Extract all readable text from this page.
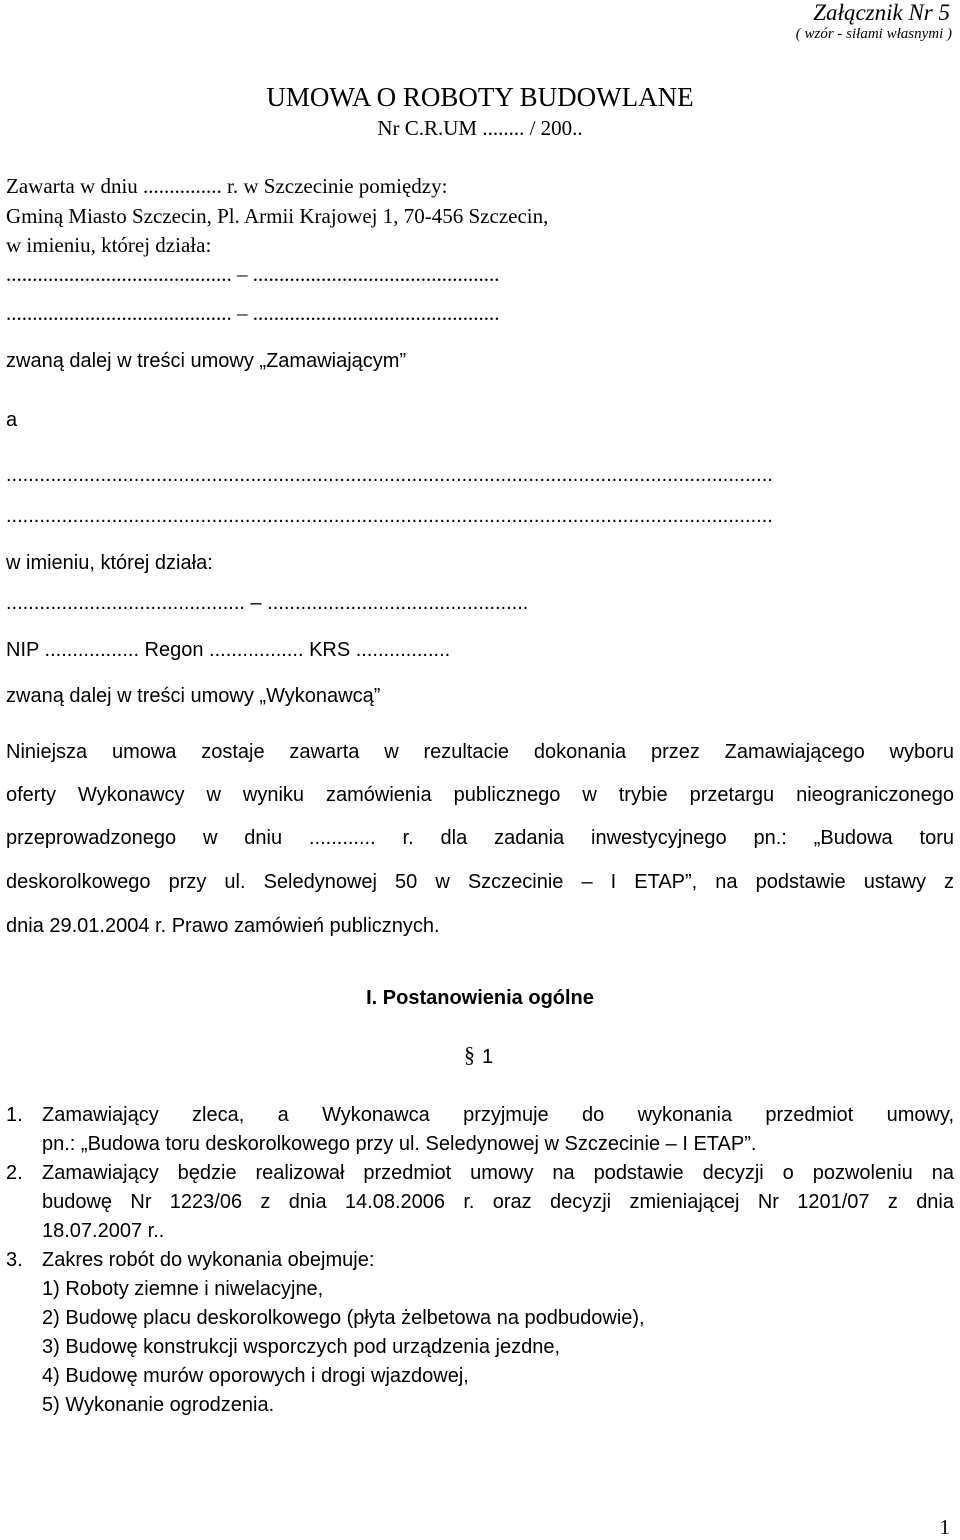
Załącznik Nr 5
( wzór - siłami własnymi )
UMOWA O ROBOTY BUDOWLANE
Nr C.R.UM ........ / 200..
Zawarta w dniu ............... r. w Szczecinie pomiędzy:
Gminą Miasto Szczecin, Pl. Armii Krajowej 1, 70-456 Szczecin,
w imieniu, której działa:
........................................... – ...............................................
........................................... – ...............................................
zwaną dalej w treści umowy „Zamawiającym”
a
..........................................................................................................................................
..........................................................................................................................................
w imieniu, której działa:
........................................... – ...............................................
NIP ................. Regon ................. KRS .................
zwaną dalej w treści umowy „Wykonawcą”
Niniejsza umowa zostaje zawarta w rezultacie dokonania przez Zamawiającego wyboru
oferty Wykonawcy w wyniku zamówienia publicznego w trybie przetargu nieograniczonego
przeprowadzonego w dniu ............ r. dla zadania inwestycyjnego pn.: „Budowa toru
deskorolkowego przy ul. Seledynowej 50 w Szczecinie – I ETAP”, na podstawie ustawy z
dnia 29.01.2004 r. Prawo zamówień publicznych.
I. Postanowienia ogólne
§ 1
1. Zamawiający zleca, a Wykonawca przyjmuje do wykonania przedmiot umowy,
pn.: „Budowa toru deskorolkowego przy ul. Seledynowej w Szczecinie – I ETAP”.
2. Zamawiający będzie realizował przedmiot umowy na podstawie decyzji o pozwoleniu na
budowę Nr 1223/06 z dnia 14.08.2006 r. oraz decyzji zmieniającej Nr 1201/07 z dnia
18.07.2007 r..
3. Zakres robót do wykonania obejmuje:
1) Roboty ziemne i niwelacyjne,
2) Budowę placu deskorolkowego (płyta żelbetowa na podbudowie),
3) Budowę konstrukcji wsporczych pod urządzenia jezdne,
4) Budowę murów oporowych i drogi wjazdowej,
5) Wykonanie ogrodzenia.
1
